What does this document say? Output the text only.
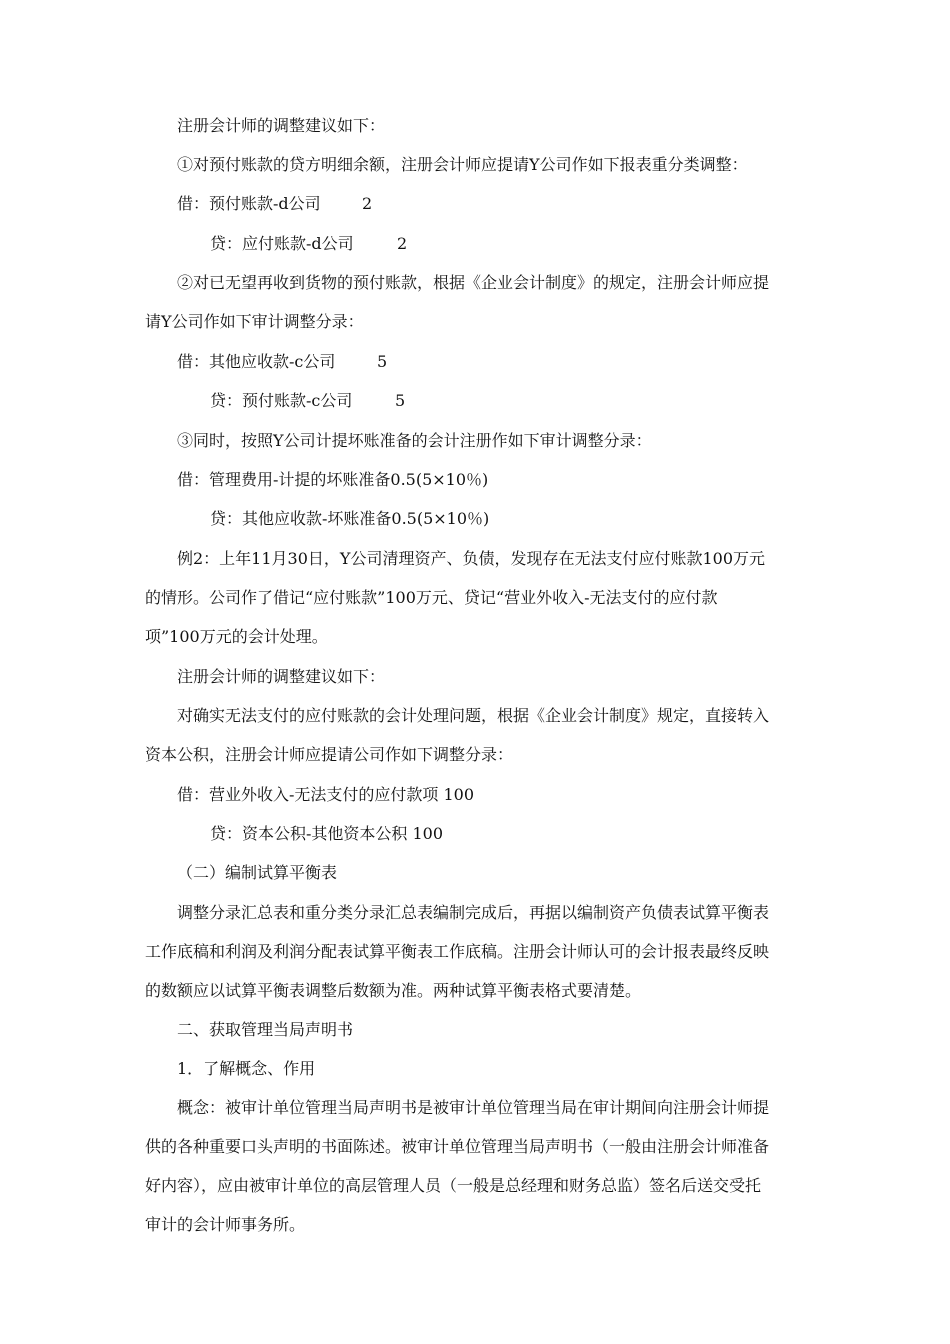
注册会计师的调整建议如下：
①对预付账款的贷方明细余额，注册会计师应提请Y公司作如下报表重分类调整：
借：预付账款-d公司	2
贷：应付账款-d公司	2
②对已无望再收到货物的预付账款，根据《企业会计制度》的规定，注册会计师应提
请Y公司作如下审计调整分录：
借：其他应收款-c公司	5
贷：预付账款-c公司	5
③同时，按照Y公司计提坏账准备的会计注册作如下审计调整分录：
借：管理费用-计提的坏账准备0.5(5×10％)
贷：其他应收款-坏账准备0.5(5×10％)
例2：上年11月30日，Y公司清理资产、负债，发现存在无法支付应付账款100万元
的情形。公司作了借记“应付账款”100万元、贷记“营业外收入-无法支付的应付款
项”100万元的会计处理。
注册会计师的调整建议如下：
对确实无法支付的应付账款的会计处理问题，根据《企业会计制度》规定，直接转入
资本公积，注册会计师应提请公司作如下调整分录：
借：营业外收入-无法支付的应付款项 100
贷：资本公积-其他资本公积 100
（二）编制试算平衡表
调整分录汇总表和重分类分录汇总表编制完成后，再据以编制资产负债表试算平衡表
工作底稿和利润及利润分配表试算平衡表工作底稿。注册会计师认可的会计报表最终反映
的数额应以试算平衡表调整后数额为准。两种试算平衡表格式要清楚。
二、获取管理当局声明书
1．了解概念、作用
概念：被审计单位管理当局声明书是被审计单位管理当局在审计期间向注册会计师提
供的各种重要口头声明的书面陈述。被审计单位管理当局声明书（一般由注册会计师准备
好内容），应由被审计单位的高层管理人员（一般是总经理和财务总监）签名后送交受托
审计的会计师事务所。
